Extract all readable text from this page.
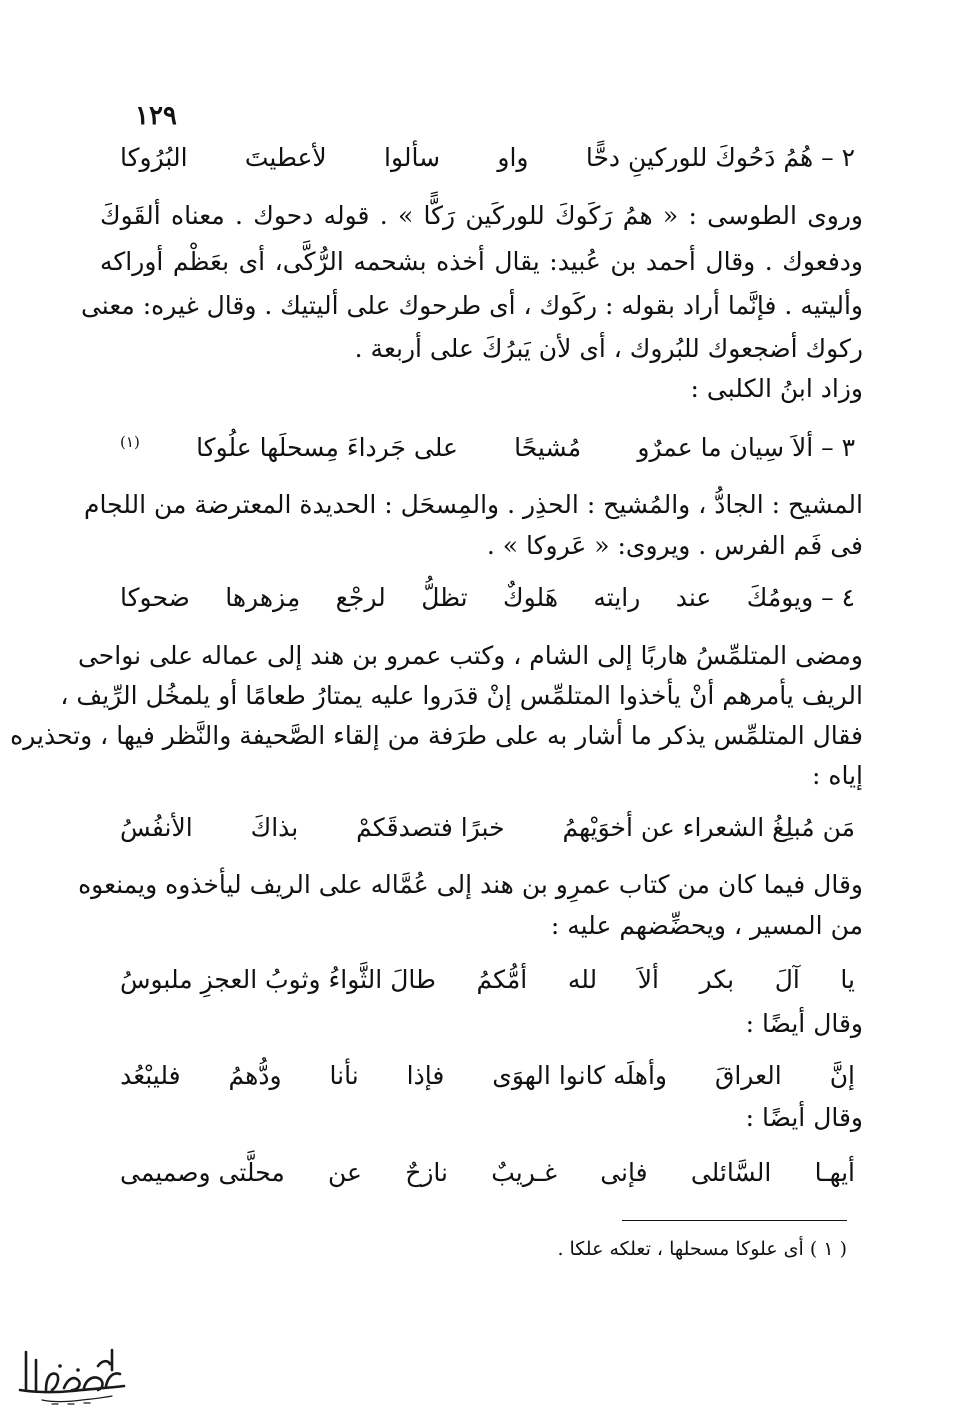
١٢٩
٢ – هُمُ دَحُوكَ للوركينِ دحًّا
واو
سألوا
لأعطيتَ
البُرُوكا
وروى الطوسى : « همُ رَكَوكَ للوركَين رَكًّا » . قوله دحوك . معناه ألقَوكَ
ودفعوك . وقال أحمد بن عُبيد: يقال أخذه بشحمه الرُّكَّى، أى بعَظْم أوراكه
وأليتيه . فإنَّما أراد بقوله : ركَوك ، أى طرحوك على أليتيك . وقال غيره: معنى
ركوك أضجعوك للبُروك ، أى لأن يَبرُكَ على أربعة .
وزاد ابنُ الكلبى :
٣ – ألاَ سِيان ما عمرٌو
مُشيحًا
على جَرداءَ مِسحلَها علُوكا
(١)
المشيح : الجادُّ ، والمُشيح : الحذِر . والمِسحَل : الحديدة المعترضة من اللجام
فى فَم الفرس . ويروى: « عَروكا » .
٤ – ويومُكَ
عند
رايته
هَلوكٌ
تظلُّ
لرجْع
مِزهرها
ضحوكا
ومضى المتلمِّسُ هاربًا إلى الشام ، وكتب عمرو بن هند إلى عماله على نواحى
الريف يأمرهم أنْ يأخذوا المتلمِّس إنْ قدَروا عليه يمتارُ طعامًا أو يلمخُل الرِّيف ،
فقال المتلمِّس يذكر ما أشار به على طرَفة من إلقاء الصَّحيفة والنَّظر فيها ، وتحذيره
إياه :
مَن مُبلِغُ الشعراء عن أخوَيْهمُ
خبرًا فتصدقَكمْ
بذاكَ
الأنفُسُ
وقال فيما كان من كتاب عمرِو بن هند إلى عُمَّاله على الريف ليأخذوه ويمنعوه
من المسير ، ويحضِّضهم عليه :
يا
آلَ
بكر
ألاَ
لله
أمُّكمُ
طالَ الثَّواءُ وثوبُ العجزِ ملبوسُ
وقال أيضًا :
إنَّ
العراقَ
وأهلَه كانوا الهوَى
فإذا
نأنا
ودُّهمُ
فليبْعُد
وقال أيضًا :
أيهـا
السَّائلى
فإنى
غـريبٌ
نازحٌ
عن
محلَّتى وصميمى
( ١ ) أى علوكا مسحلها ، تعلكه علكا .
